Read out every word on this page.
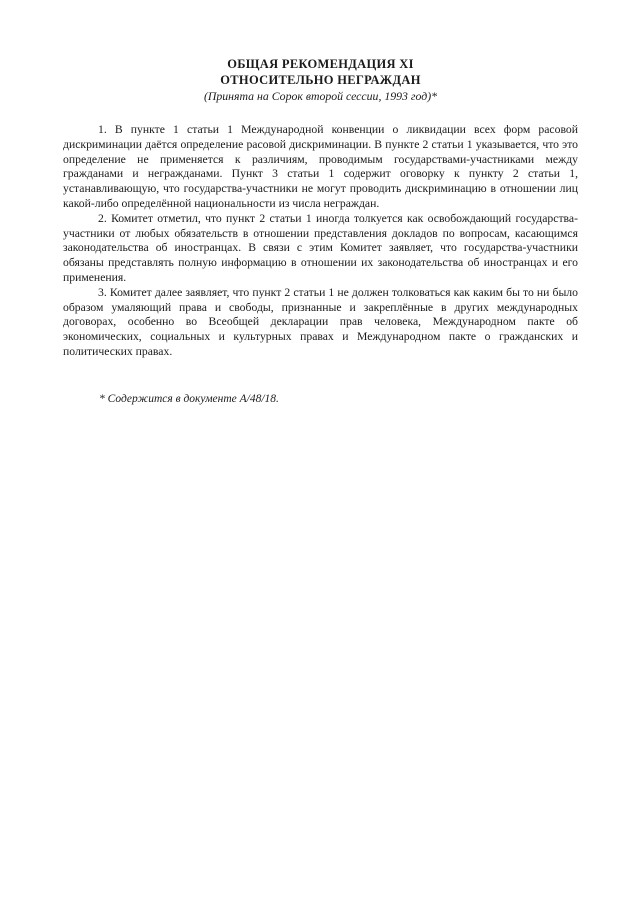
ОБЩАЯ РЕКОМЕНДАЦИЯ XI

ОТНОСИТЕЛЬНО НЕГРАЖДАН

(Принята на Сорок второй сессии, 1993 год)*

1. В пункте 1 статьи 1 Международной конвенции о ликвидации всех форм расовой дискриминации даётся определение расовой дискриминации. В пункте 2 статьи 1 указывается, что это определение не применяется к различиям, проводимым государствами-участниками между гражданами и негражданами. Пункт 3 статьи 1 содержит оговорку к пункту 2 статьи 1, устанавливающую, что государства-участники не могут проводить дискриминацию в отношении лиц какой-либо определённой национальности из числа неграждан.

2. Комитет отметил, что пункт 2 статьи 1 иногда толкуется как освобождающий государства-участники от любых обязательств в отношении представления докладов по вопросам, касающимся законодательства об иностранцах. В связи с этим Комитет заявляет, что государства-участники обязаны представлять полную информацию в отношении их законодательства об иностранцах и его применения.

3. Комитет далее заявляет, что пункт 2 статьи 1 не должен толковаться как каким бы то ни было образом умаляющий права и свободы, признанные и закреплённые в других международных договорах, особенно во Всеобщей декларации прав человека, Международном пакте об экономических, социальных и культурных правах и Международном пакте о гражданских и политических правах.

* Содержится в документе A/48/18.
